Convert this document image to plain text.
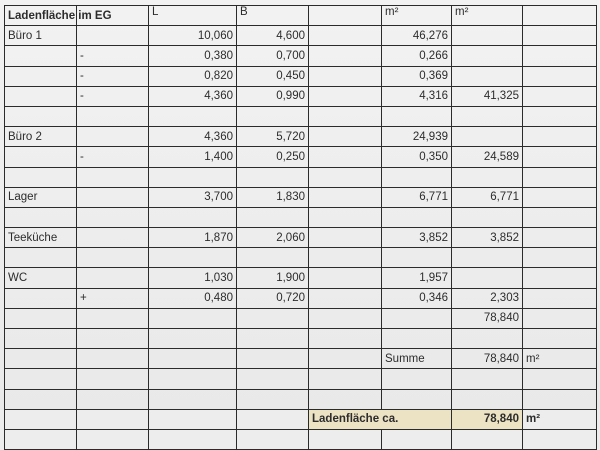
Ladenfläche im EG		L	B		m²	m²	
Büro 1		10,060	4,600		46,276		
	-	0,380	0,700		0,266		
	-	0,820	0,450		0,369		
	-	4,360	0,990		4,316	41,325	

Büro 2		4,360	5,720		24,939		
	-	1,400	0,250		0,350	24,589	

Lager		3,700	1,830		6,771	6,771	

Teeküche		1,870	2,060		3,852	3,852	

WC		1,030	1,900		1,957		
	+	0,480	0,720		0,346	2,303	
						78,840	

					Summe	78,840	m²

				Ladenfläche ca.		78,840	m²
